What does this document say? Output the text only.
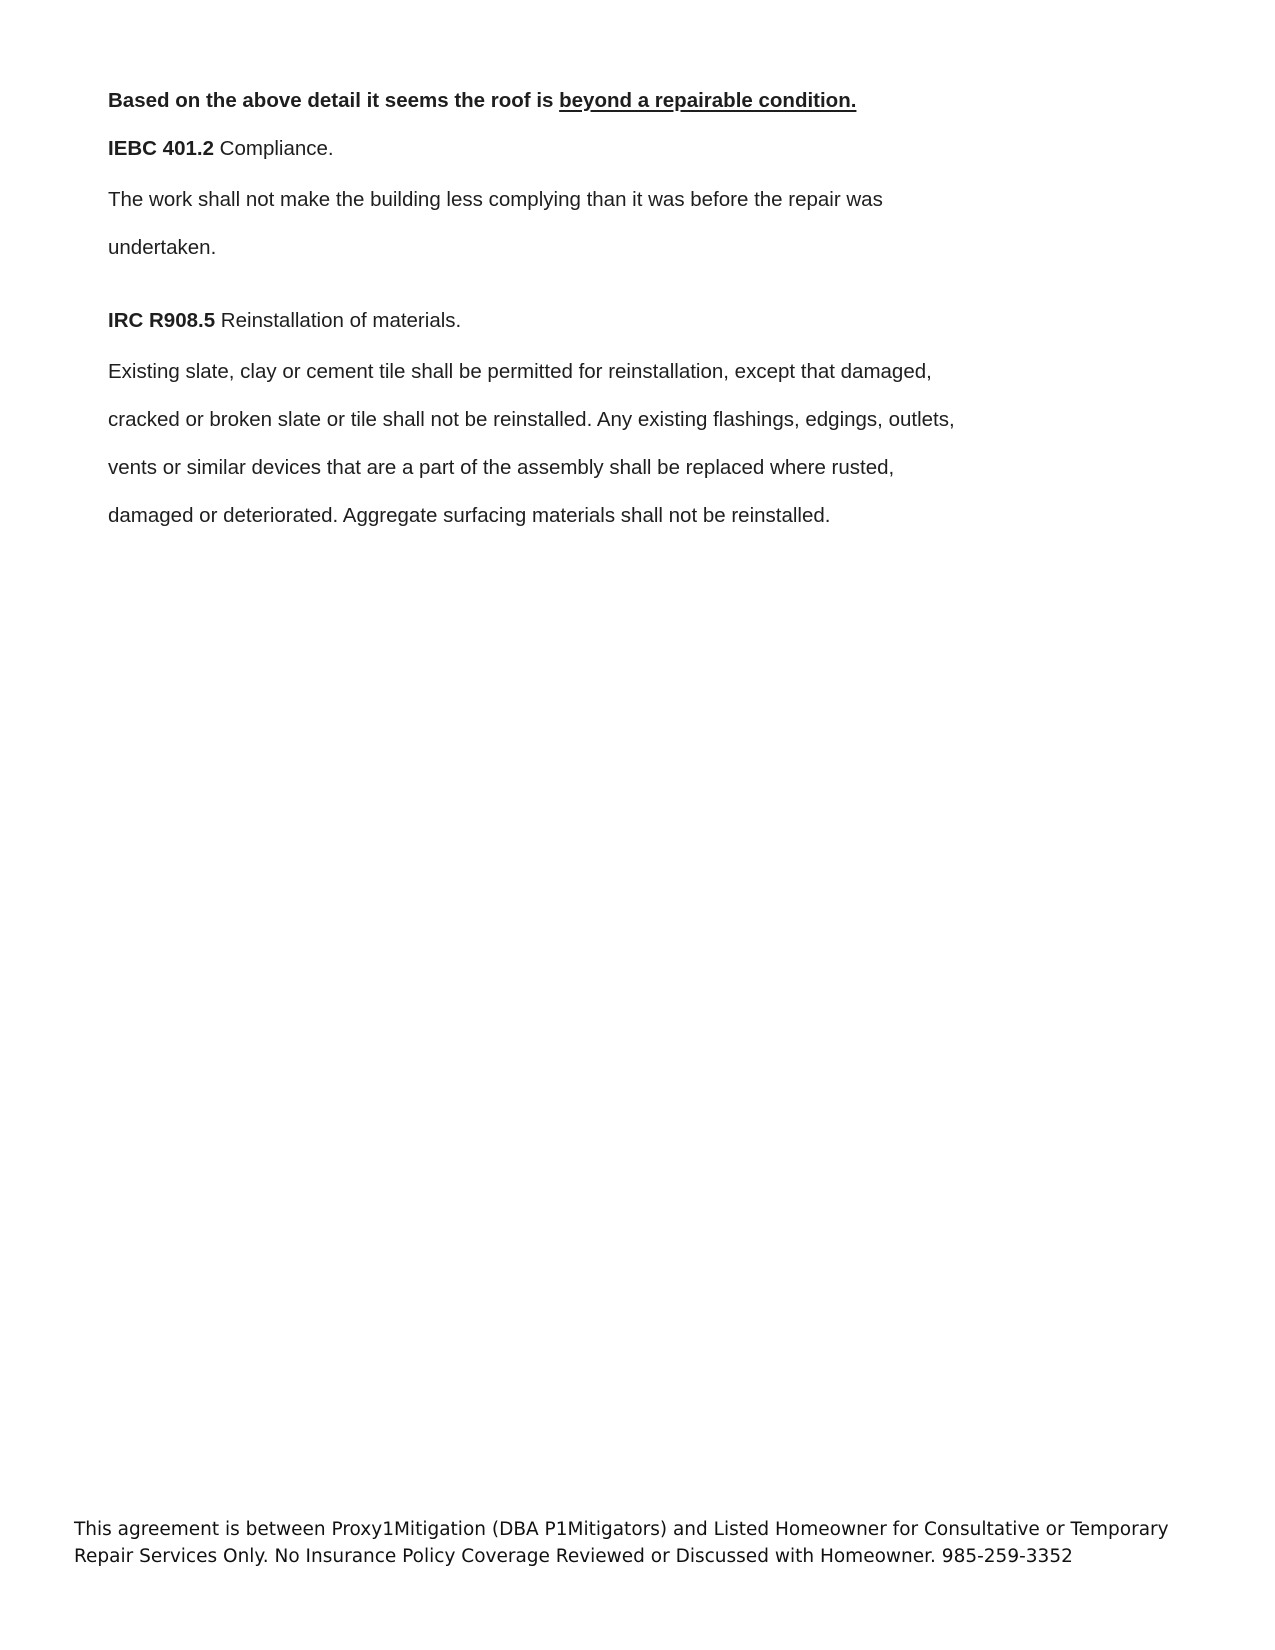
Based on the above detail it seems the roof is beyond a repairable condition.

IEBC 401.2 Compliance.

The work shall not make the building less complying than it was before the repair was

undertaken.

IRC R908.5 Reinstallation of materials.

Existing slate, clay or cement tile shall be permitted for reinstallation, except that damaged,

cracked or broken slate or tile shall not be reinstalled. Any existing flashings, edgings, outlets,

vents or similar devices that are a part of the assembly shall be replaced where rusted,

damaged or deteriorated. Aggregate surfacing materials shall not be reinstalled.

This agreement is between Proxy1Mitigation (DBA P1Mitigators) and Listed Homeowner for Consultative or Temporary
Repair Services Only. No Insurance Policy Coverage Reviewed or Discussed with Homeowner. 985-259-3352
